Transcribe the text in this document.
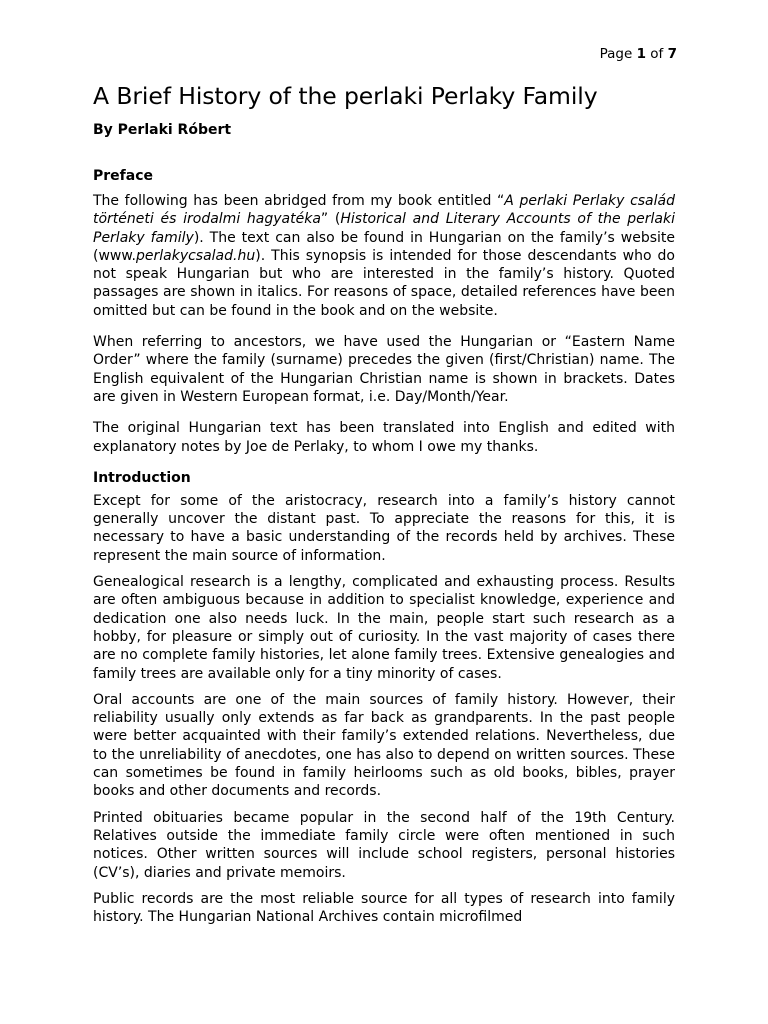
Page 1 of 7
A Brief History of the perlaki Perlaky Family
By Perlaki Róbert
Preface

The following has been abridged from my book entitled “A perlaki Perlaky család történeti és irodalmi hagyatéka” (Historical and Literary Accounts of the perlaki Perlaky family). The text can also be found in Hungarian on the family’s website (www.perlakycsalad.hu). This synopsis is intended for those descendants who do not speak Hungarian but who are interested in the family’s history. Quoted passages are shown in italics. For reasons of space, detailed references have been omitted but can be found in the book and on the website.

When referring to ancestors, we have used the Hungarian or “Eastern Name Order” where the family (surname) precedes the given (first/Christian) name. The English equivalent of the Hungarian Christian name is shown in brackets. Dates are given in Western European format, i.e. Day/Month/Year.

The original Hungarian text has been translated into English and edited with explanatory notes by Joe de Perlaky, to whom I owe my thanks.

Introduction

Except for some of the aristocracy, research into a family’s history cannot generally uncover the distant past. To appreciate the reasons for this, it is necessary to have a basic understanding of the records held by archives. These represent the main source of information.

Genealogical research is a lengthy, complicated and exhausting process. Results are often ambiguous because in addition to specialist knowledge, experience and dedication one also needs luck. In the main, people start such research as a hobby, for pleasure or simply out of curiosity. In the vast majority of cases there are no complete family histories, let alone family trees. Extensive genealogies and family trees are available only for a tiny minority of cases.

Oral accounts are one of the main sources of family history. However, their reliability usually only extends as far back as grandparents. In the past people were better acquainted with their family’s extended relations. Nevertheless, due to the unreliability of anecdotes, one has also to depend on written sources. These can sometimes be found in family heirlooms such as old books, bibles, prayer books and other documents and records.

Printed obituaries became popular in the second half of the 19th Century. Relatives outside the immediate family circle were often mentioned in such notices. Other written sources will include school registers, personal histories (CV’s), diaries and private memoirs.

Public records are the most reliable source for all types of research into family history. The Hungarian National Archives contain microfilmed
